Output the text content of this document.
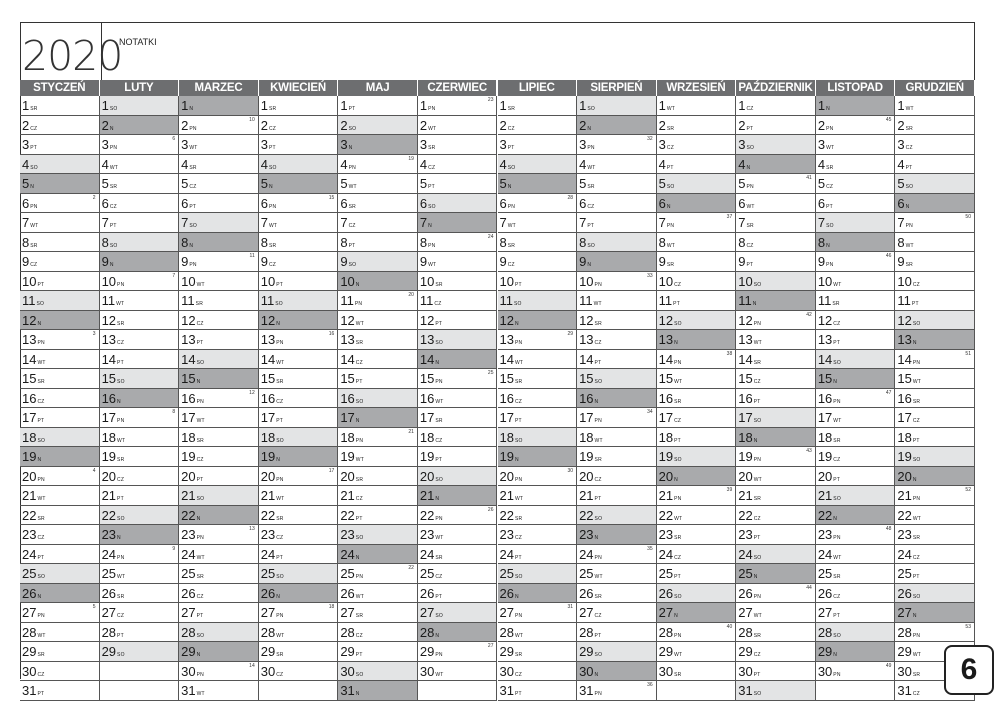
2020
NOTATKI
STYCZEŃ
1SR
2CZ
3PT
4SO
5N
6PN
2
7WT
8SR
9CZ
10PT
11SO
12N
13PN
3
14WT
15SR
16CZ
17PT
18SO
19N
20PN
4
21WT
22SR
23CZ
24PT
25SO
26N
27PN
5
28WT
29SR
30CZ
31PT
LUTY
1SO
2N
3PN
6
4WT
5SR
6CZ
7PT
8SO
9N
10PN
7
11WT
12SR
13CZ
14PT
15SO
16N
17PN
8
18WT
19SR
20CZ
21PT
22SO
23N
24PN
9
25WT
26SR
27CZ
28PT
29SO
MARZEC
1N
2PN
10
3WT
4SR
5CZ
6PT
7SO
8N
9PN
11
10WT
11SR
12CZ
13PT
14SO
15N
16PN
12
17WT
18SR
19CZ
20PT
21SO
22N
23PN
13
24WT
25SR
26CZ
27PT
28SO
29N
30PN
14
31WT
KWIECIEŃ
1SR
2CZ
3PT
4SO
5N
6PN
15
7WT
8SR
9CZ
10PT
11SO
12N
13PN
16
14WT
15SR
16CZ
17PT
18SO
19N
20PN
17
21WT
22SR
23CZ
24PT
25SO
26N
27PN
18
28WT
29SR
30CZ
MAJ
1PT
2SO
3N
4PN
19
5WT
6SR
7CZ
8PT
9SO
10N
11PN
20
12WT
13SR
14CZ
15PT
16SO
17N
18PN
21
19WT
20SR
21CZ
22PT
23SO
24N
25PN
22
26WT
27SR
28CZ
29PT
30SO
31N
CZERWIEC
1PN
23
2WT
3SR
4CZ
5PT
6SO
7N
8PN
24
9WT
10SR
11CZ
12PT
13SO
14N
15PN
25
16WT
17SR
18CZ
19PT
20SO
21N
22PN
26
23WT
24SR
25CZ
26PT
27SO
28N
29PN
27
30WT
LIPIEC
1SR
2CZ
3PT
4SO
5N
6PN
28
7WT
8SR
9CZ
10PT
11SO
12N
13PN
29
14WT
15SR
16CZ
17PT
18SO
19N
20PN
30
21WT
22SR
23CZ
24PT
25SO
26N
27PN
31
28WT
29SR
30CZ
31PT
SIERPIEŃ
1SO
2N
3PN
32
4WT
5SR
6CZ
7PT
8SO
9N
10PN
33
11WT
12SR
13CZ
14PT
15SO
16N
17PN
34
18WT
19SR
20CZ
21PT
22SO
23N
24PN
35
25WT
26SR
27CZ
28PT
29SO
30N
31PN
36
WRZESIEŃ
1WT
2SR
3CZ
4PT
5SO
6N
7PN
37
8WT
9SR
10CZ
11PT
12SO
13N
14PN
38
15WT
16SR
17CZ
18PT
19SO
20N
21PN
39
22WT
23SR
24CZ
25PT
26SO
27N
28PN
40
29WT
30SR
PAŹDZIERNIK
1CZ
2PT
3SO
4N
5PN
41
6WT
7SR
8CZ
9PT
10SO
11N
12PN
42
13WT
14SR
15CZ
16PT
17SO
18N
19PN
43
20WT
21SR
22CZ
23PT
24SO
25N
26PN
44
27WT
28SR
29CZ
30PT
31SO
LISTOPAD
1N
2PN
45
3WT
4SR
5CZ
6PT
7SO
8N
9PN
46
10WT
11SR
12CZ
13PT
14SO
15N
16PN
47
17WT
18SR
19CZ
20PT
21SO
22N
23PN
48
24WT
25SR
26CZ
27PT
28SO
29N
30PN
49
GRUDZIEŃ
1WT
2SR
3CZ
4PT
5SO
6N
7PN
50
8WT
9SR
10CZ
11PT
12SO
13N
14PN
51
15WT
16SR
17CZ
18PT
19SO
20N
21PN
52
22WT
23SR
24CZ
25PT
26SO
27N
28PN
53
29WT
30SR
31CZ
6
